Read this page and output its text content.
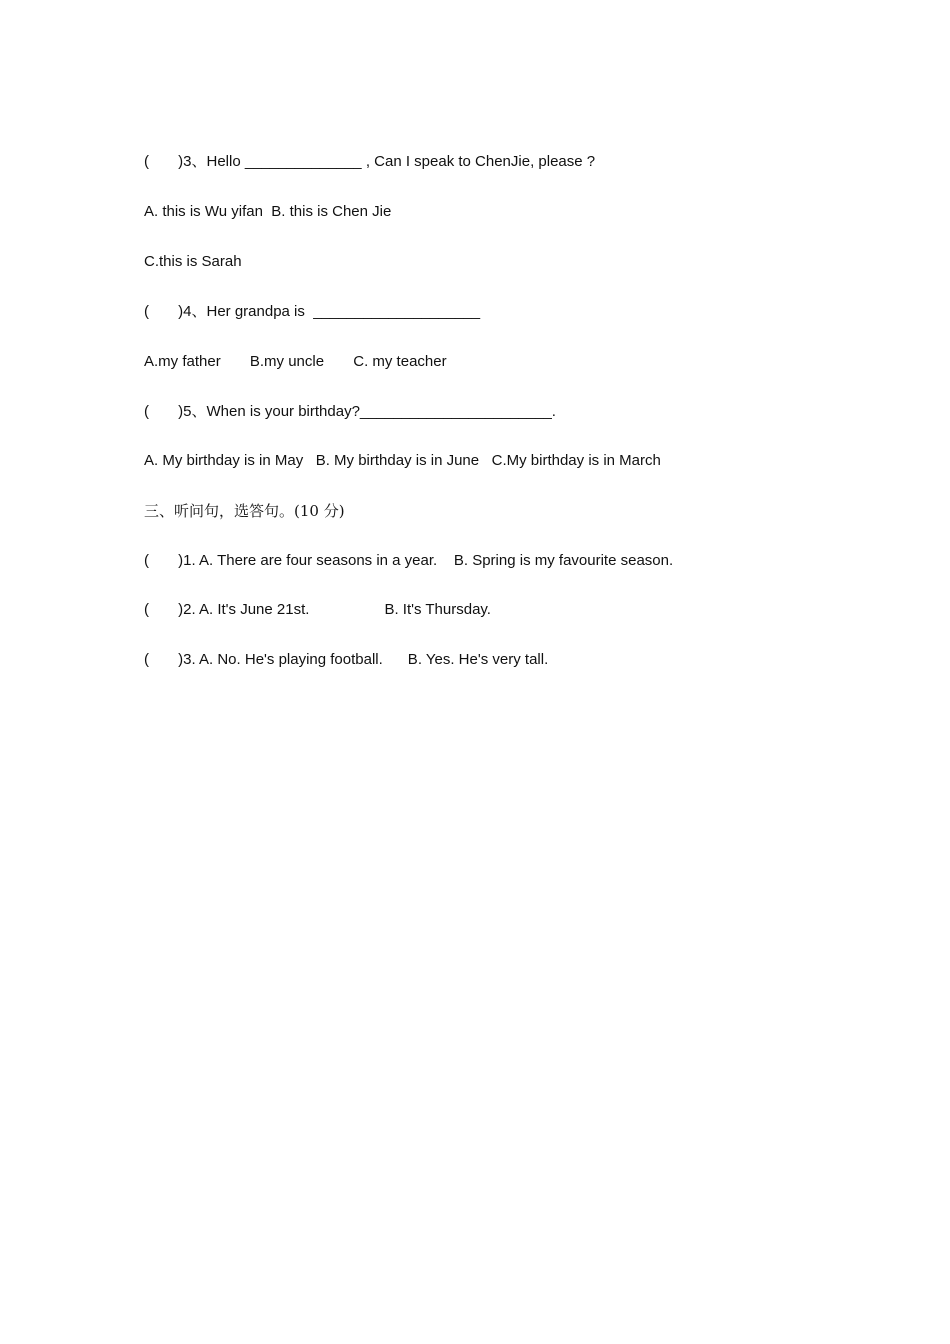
(       )3、Hello ______________ , Can I speak to ChenJie, please ?
A. this is Wu yifan  B. this is Chen Jie
C.this is Sarah
(       )4、Her grandpa is  ____________________
A.my father       B.my uncle       C. my teacher
(       )5、When is your birthday?_______________________.
A. My birthday is in May   B. My birthday is in June   C.My birthday is in March
三、听问句，选答句。(10 分)
(       )1. A. There are four seasons in a year.    B. Spring is my favourite season.
(       )2. A. It's June 21st.                  B. It's Thursday.
(       )3. A. No. He's playing football.      B. Yes. He's very tall.
